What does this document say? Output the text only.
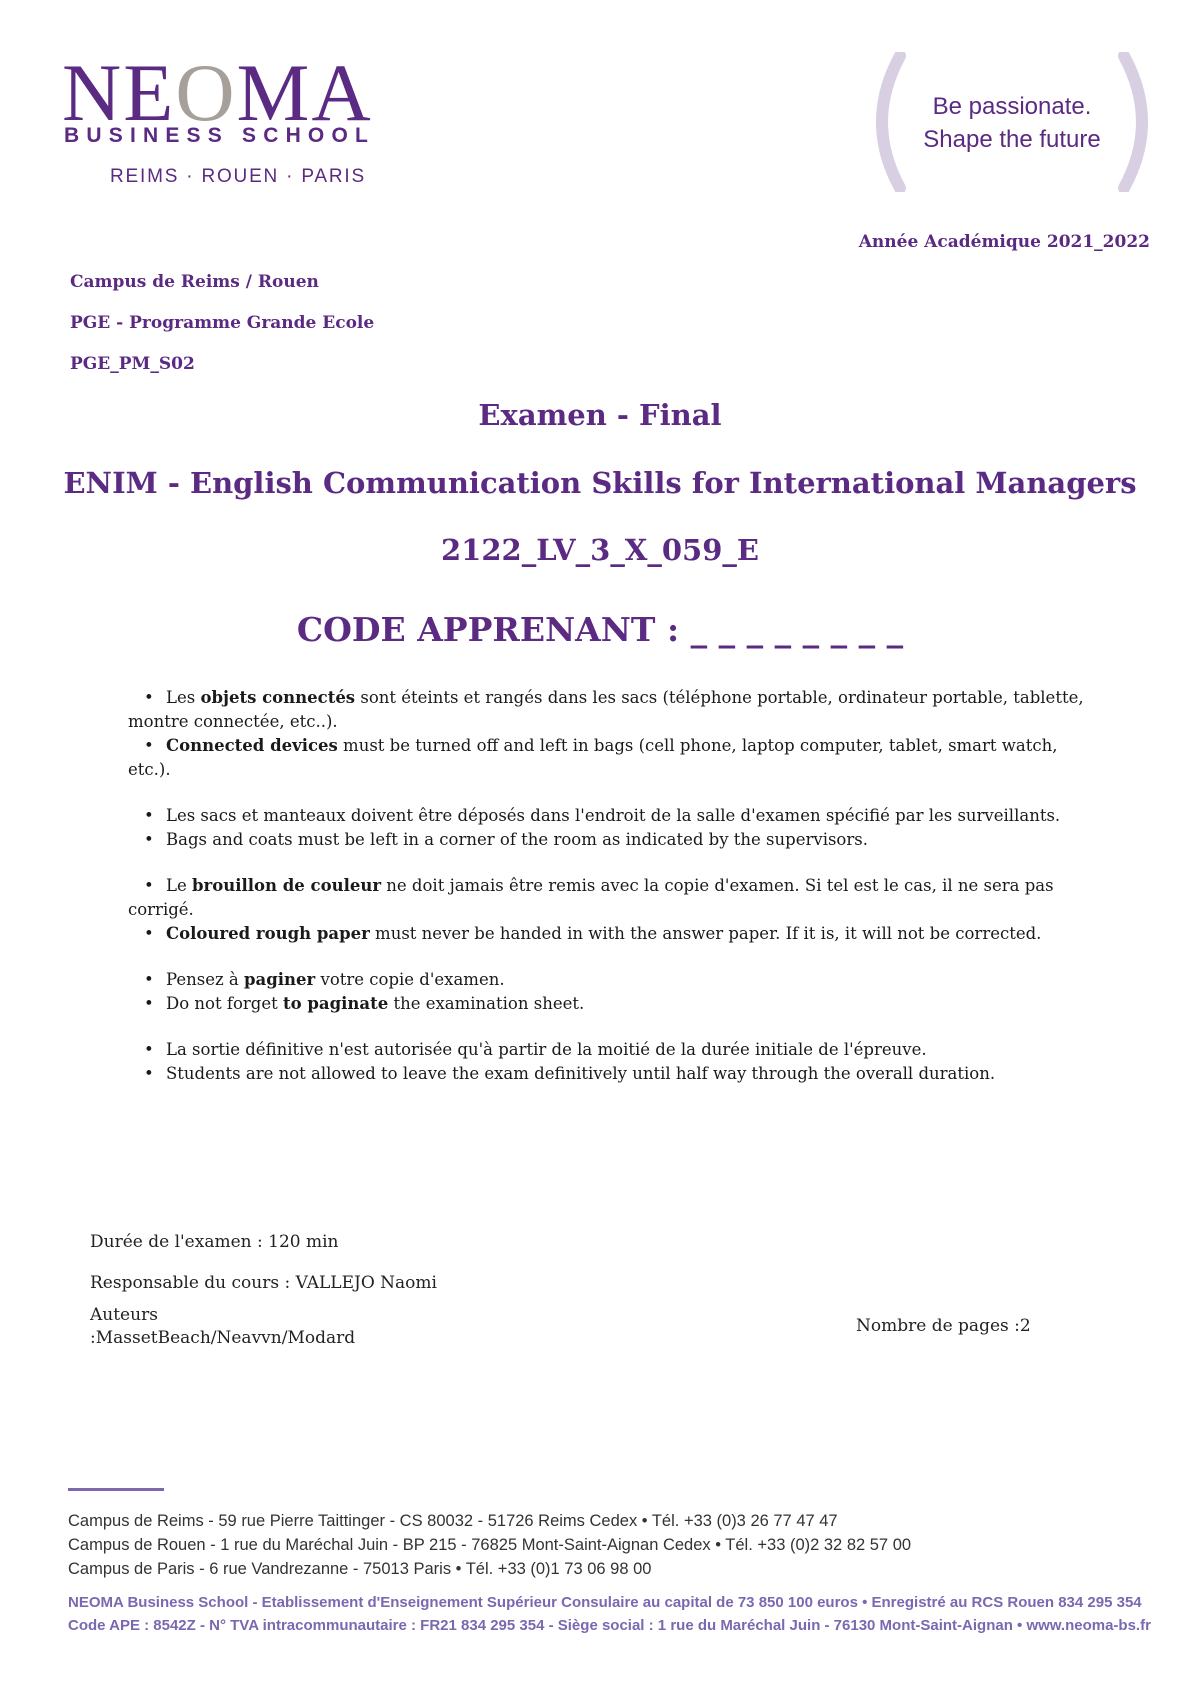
NEOMA
BUSINESS SCHOOL
REIMS · ROUEN · PARIS
Be passionate.
Shape the future
Année Académique 2021_2022
Campus de Reims / Rouen
PGE - Programme Grande Ecole
PGE_PM_S02
Examen - Final
ENIM - English Communication Skills for International Managers
2122_LV_3_X_059_E
CODE APPRENANT : _ _ _ _ _ _ _ _
• Les objets connectés sont éteints et rangés dans les sacs (téléphone portable, ordinateur portable, tablette, montre connectée, etc..).
• Connected devices must be turned off and left in bags (cell phone, laptop computer, tablet, smart watch, etc.).
• Les sacs et manteaux doivent être déposés dans l'endroit de la salle d'examen spécifié par les surveillants.
• Bags and coats must be left in a corner of the room as indicated by the supervisors.
• Le brouillon de couleur ne doit jamais être remis avec la copie d'examen. Si tel est le cas, il ne sera pas corrigé.
• Coloured rough paper must never be handed in with the answer paper. If it is, it will not be corrected.
• Pensez à paginer votre copie d'examen.
• Do not forget to paginate the examination sheet.
• La sortie définitive n'est autorisée qu'à partir de la moitié de la durée initiale de l'épreuve.
• Students are not allowed to leave the exam definitively until half way through the overall duration.
Durée de l'examen : 120 min
Responsable du cours : VALLEJO Naomi
Auteurs
:MassetBeach/Neavvn/Modard
Nombre de pages :2
Campus de Reims - 59 rue Pierre Taittinger - CS 80032 - 51726 Reims Cedex • Tél. +33 (0)3 26 77 47 47
Campus de Rouen - 1 rue du Maréchal Juin - BP 215 - 76825 Mont-Saint-Aignan Cedex • Tél. +33 (0)2 32 82 57 00
Campus de Paris - 6 rue Vandrezanne - 75013 Paris • Tél. +33 (0)1 73 06 98 00
NEOMA Business School - Etablissement d'Enseignement Supérieur Consulaire au capital de 73 850 100 euros • Enregistré au RCS Rouen 834 295 354
Code APE : 8542Z - N° TVA intracommunautaire : FR21 834 295 354 - Siège social : 1 rue du Maréchal Juin - 76130 Mont-Saint-Aignan • www.neoma-bs.fr
